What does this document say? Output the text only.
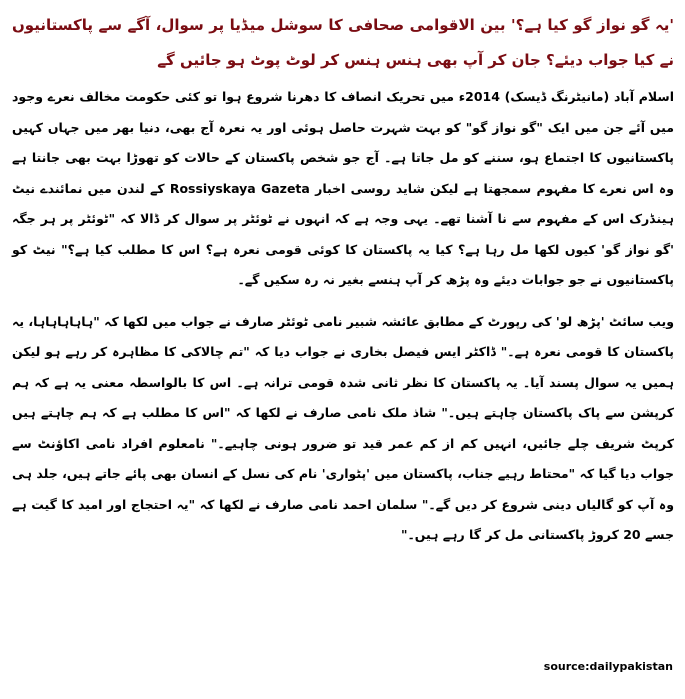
'یہ گو نواز گو کیا ہے؟' بین الاقوامی صحافی کا سوشل میڈیا پر سوال، آگے سے پاکستانیوں نے کیا جواب دیئے؟ جان کر آپ بھی ہنس ہنس کر لوٹ پوٹ ہو جائیں گے
اسلام آباد (مانیٹرنگ ڈیسک) 2014ء میں تحریک انصاف کا دھرنا شروع ہوا تو کئی حکومت مخالف نعرے وجود میں آئے جن میں ایک "گو نواز گو" کو بہت شہرت حاصل ہوئی اور یہ نعرہ آج بھی، دنیا بھر میں جہاں کہیں پاکستانیوں کا اجتماع ہو، سننے کو مل جاتا ہے۔ آج جو شخص پاکستان کے حالات کو تھوڑا بہت بھی جانتا ہے وہ اس نعرے کا مفہوم سمجھتا ہے لیکن شاید روسی اخبار Rossiyskaya Gazeta کے لندن میں نمائندے نیٹ ہینڈرک اس کے مفہوم سے نا آشنا تھے۔ یہی وجہ ہے کہ انہوں نے ٹوئٹر پر سوال کر ڈالا کہ "ٹوئٹر پر ہر جگہ 'گو نواز گو' کیوں لکھا مل رہا ہے؟ کیا یہ پاکستان کا کوئی قومی نعرہ ہے؟ اس کا مطلب کیا ہے؟" نیٹ کو پاکستانیوں نے جو جوابات دیئے وہ پڑھ کر آپ ہنسے بغیر نہ رہ سکیں گے۔
ویب سائٹ 'پڑھ لو' کی رپورٹ کے مطابق عائشہ شبیر نامی ٹوئٹر صارف نے جواب میں لکھا کہ "ہاہاہاہاہا، یہ پاکستان کا قومی نعرہ ہے۔" ڈاکٹر ایس فیصل بخاری نے جواب دیا کہ "تم چالاکی کا مظاہرہ کر رہے ہو لیکن ہمیں یہ سوال پسند آیا۔ یہ پاکستان کا نظر ثانی شدہ قومی ترانہ ہے۔ اس کا بالواسطہ معنی یہ ہے کہ ہم کرپشن سے پاک پاکستان چاہتے ہیں۔" شاذ ملک نامی صارف نے لکھا کہ "اس کا مطلب ہے کہ ہم چاہتے ہیں کرپٹ شریف چلے جائیں، انہیں کم از کم عمر قید تو ضرور ہونی چاہیے۔" نامعلوم افراد نامی اکاﺅنٹ سے جواب دیا گیا کہ "محتاط رہیے جناب، پاکستان میں 'پٹواری' نام کی نسل کے انسان بھی پائے جاتے ہیں، جلد ہی وہ آپ کو گالیاں دینی شروع کر دیں گے۔" سلمان احمد نامی صارف نے لکھا کہ "یہ احتجاج اور امید کا گیت ہے جسے 20 کروڑ پاکستانی مل کر گا رہے ہیں۔"
source:dailypakistan
